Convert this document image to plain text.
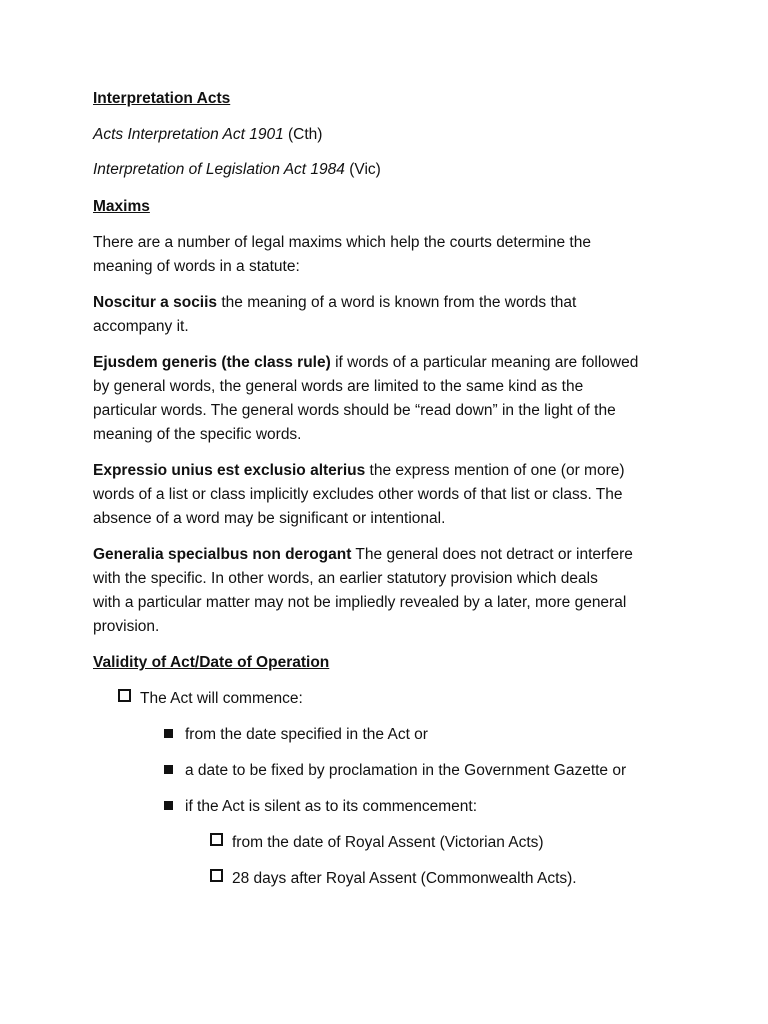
Interpretation Acts
Acts Interpretation Act 1901 (Cth)
Interpretation of Legislation Act 1984 (Vic)
Maxims
There are a number of legal maxims which help the courts determine the
meaning of words in a statute:
Noscitur a sociis the meaning of a word is known from the words that
accompany it.
Ejusdem generis (the class rule) if words of a particular meaning are followed
by general words, the general words are limited to the same kind as the
particular words. The general words should be “read down” in the light of the
meaning of the specific words.
Expressio unius est exclusio alterius the express mention of one (or more)
words of a list or class implicitly excludes other words of that list or class. The
absence of a word may be significant or intentional.
Generalia specialbus non derogant The general does not detract or interfere
with the specific. In other words, an earlier statutory provision which deals
with a particular matter may not be impliedly revealed by a later, more general
provision.
Validity of Act/Date of Operation
The Act will commence:
from the date specified in the Act or
a date to be fixed by proclamation in the Government Gazette or
if the Act is silent as to its commencement:
from the date of Royal Assent (Victorian Acts)
28 days after Royal Assent (Commonwealth Acts).
